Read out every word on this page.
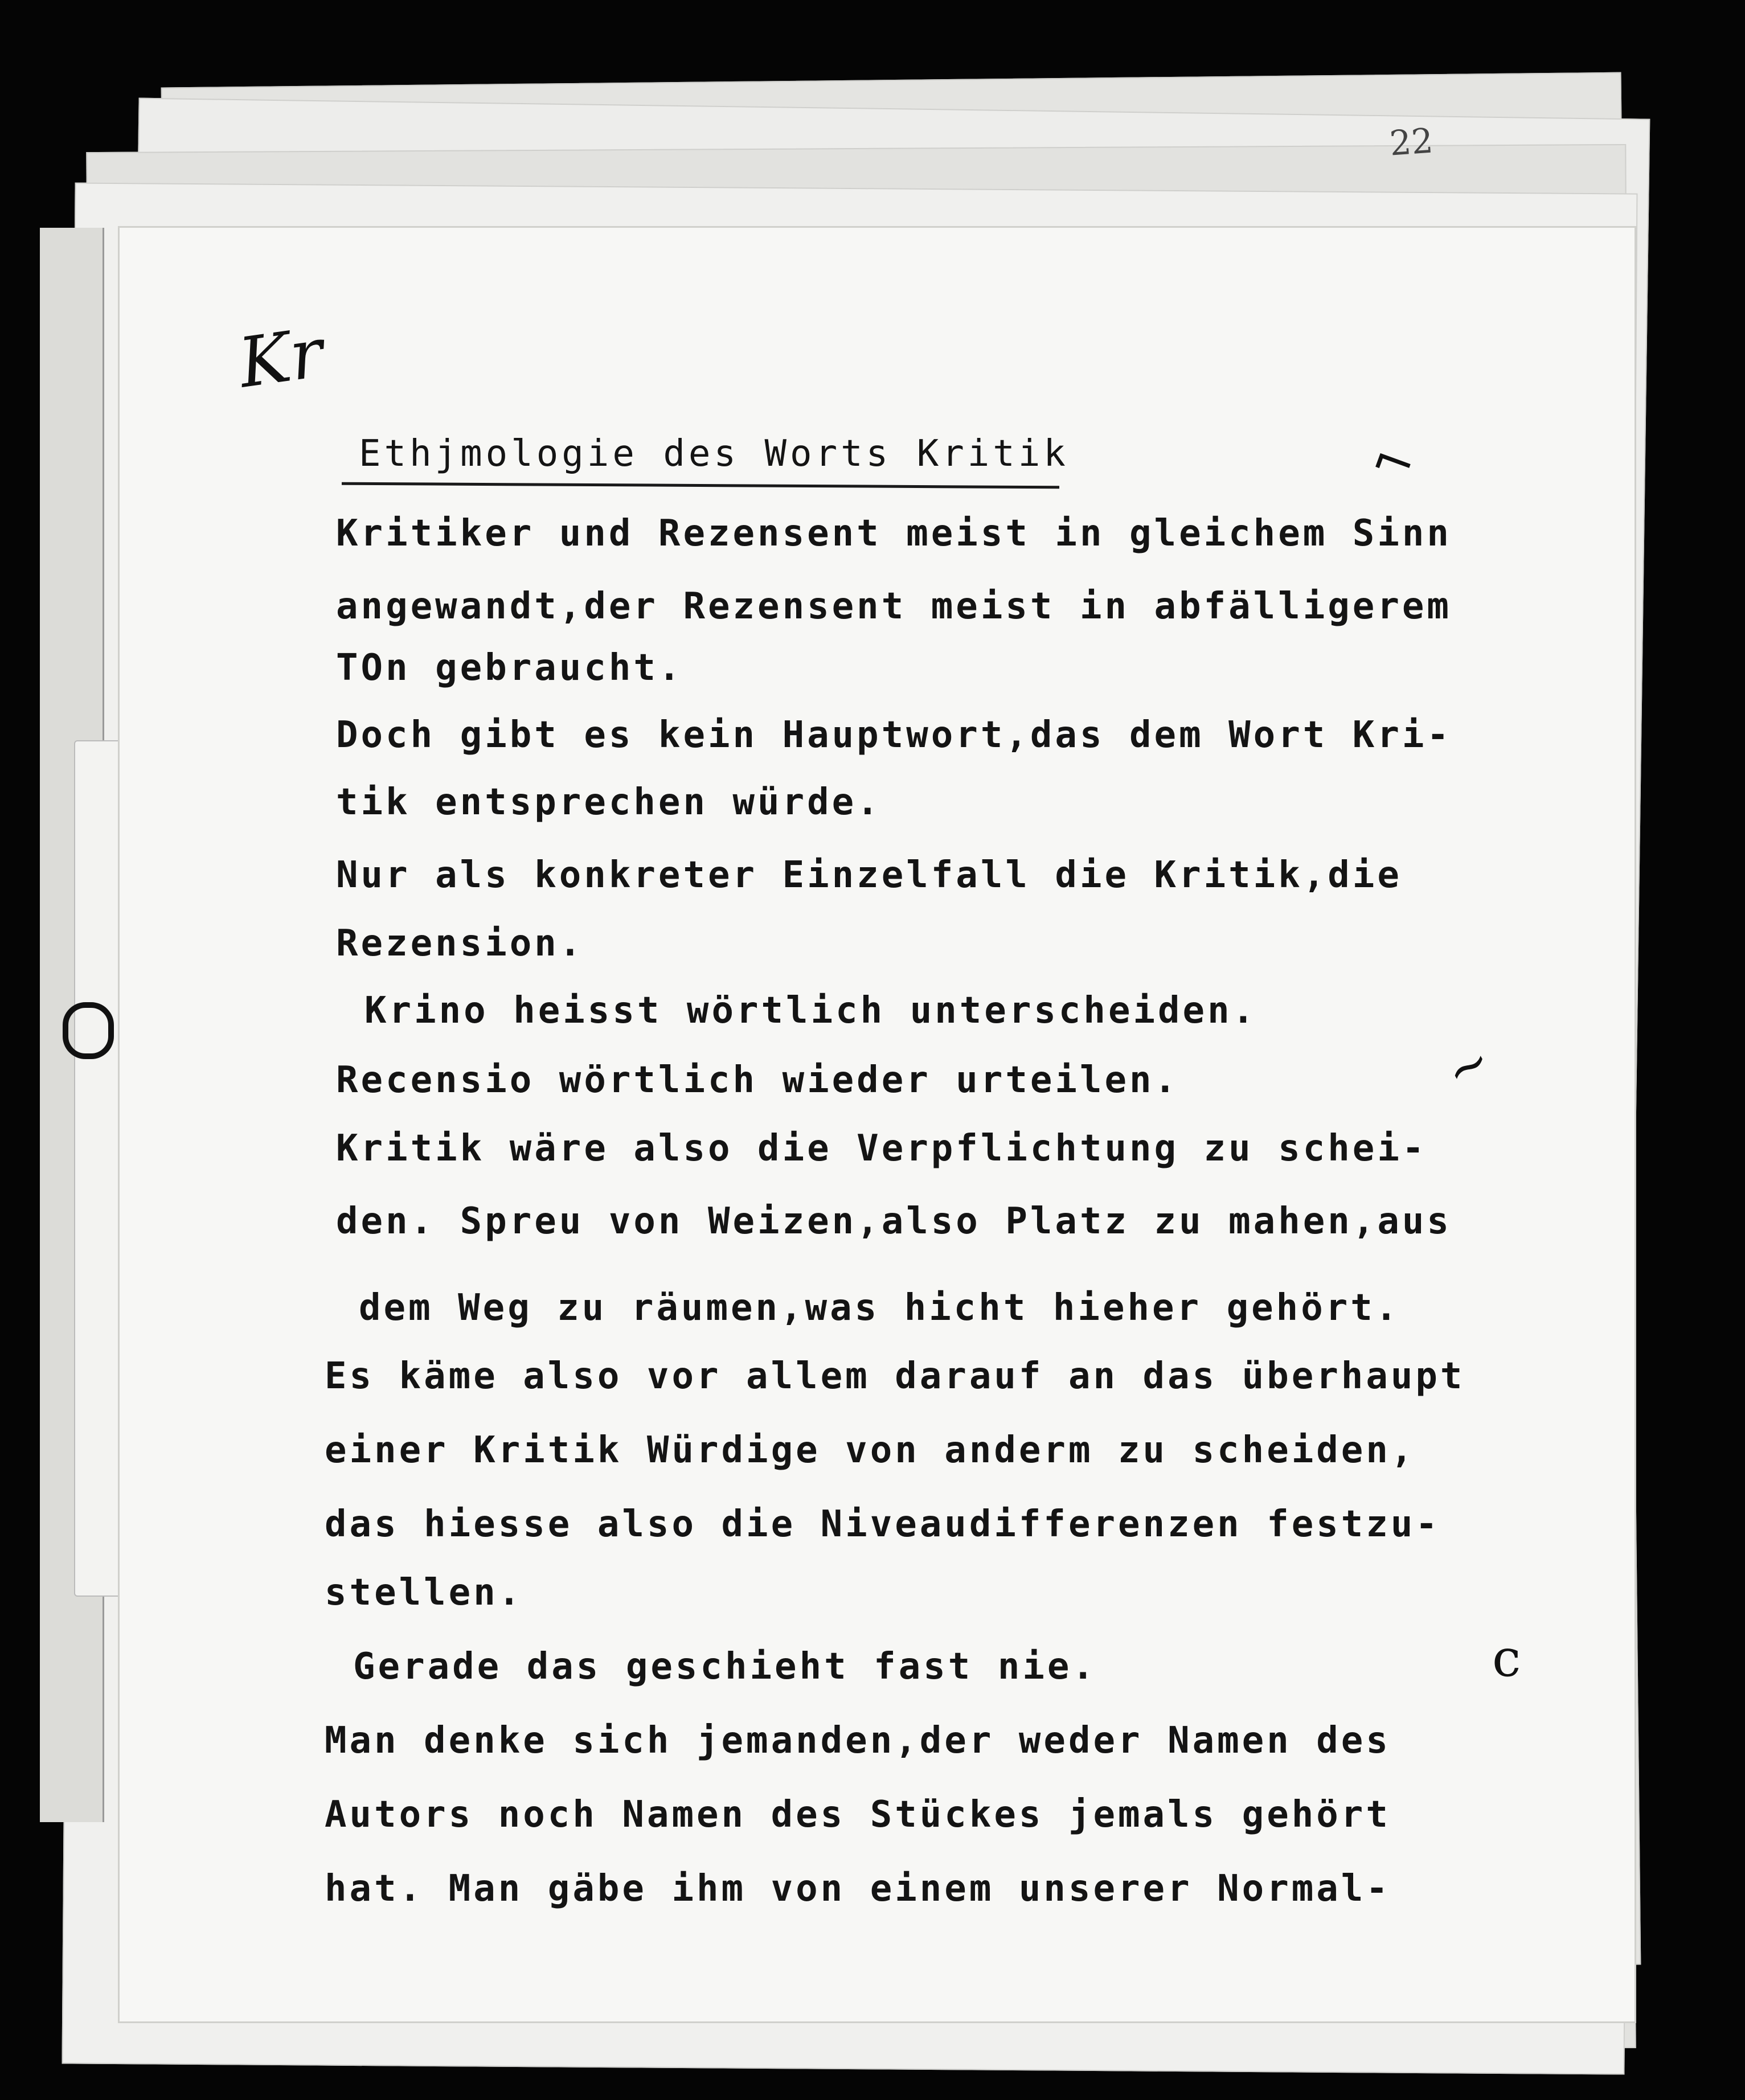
22
Kr
Ethjmologie des Worts Kritik
Kritiker und Rezensent meist in gleichem Sinn
angewandt,der Rezensent meist in abfälligerem
TOn gebraucht.
Doch gibt es kein Hauptwort,das dem Wort Kri-
tik entsprechen würde.
Nur als konkreter Einzelfall die Kritik,die
Rezension.
Krino heisst wörtlich unterscheiden.
Recensio wörtlich wieder urteilen.
Kritik wäre also die Verpflichtung zu schei-
den. Spreu von Weizen,also Platz zu mahen,aus
dem Weg zu räumen,was hicht hieher gehört.
Es käme also vor allem darauf an das überhaupt
einer Kritik Würdige von anderm zu scheiden,
das hiesse also die Niveaudifferenzen festzu-
stellen.
Gerade das geschieht fast nie.
Man denke sich jemanden,der weder Namen des
Autors noch Namen des Stückes jemals gehört
hat. Man gäbe ihm von einem unserer Normal-
⌐
~
c
